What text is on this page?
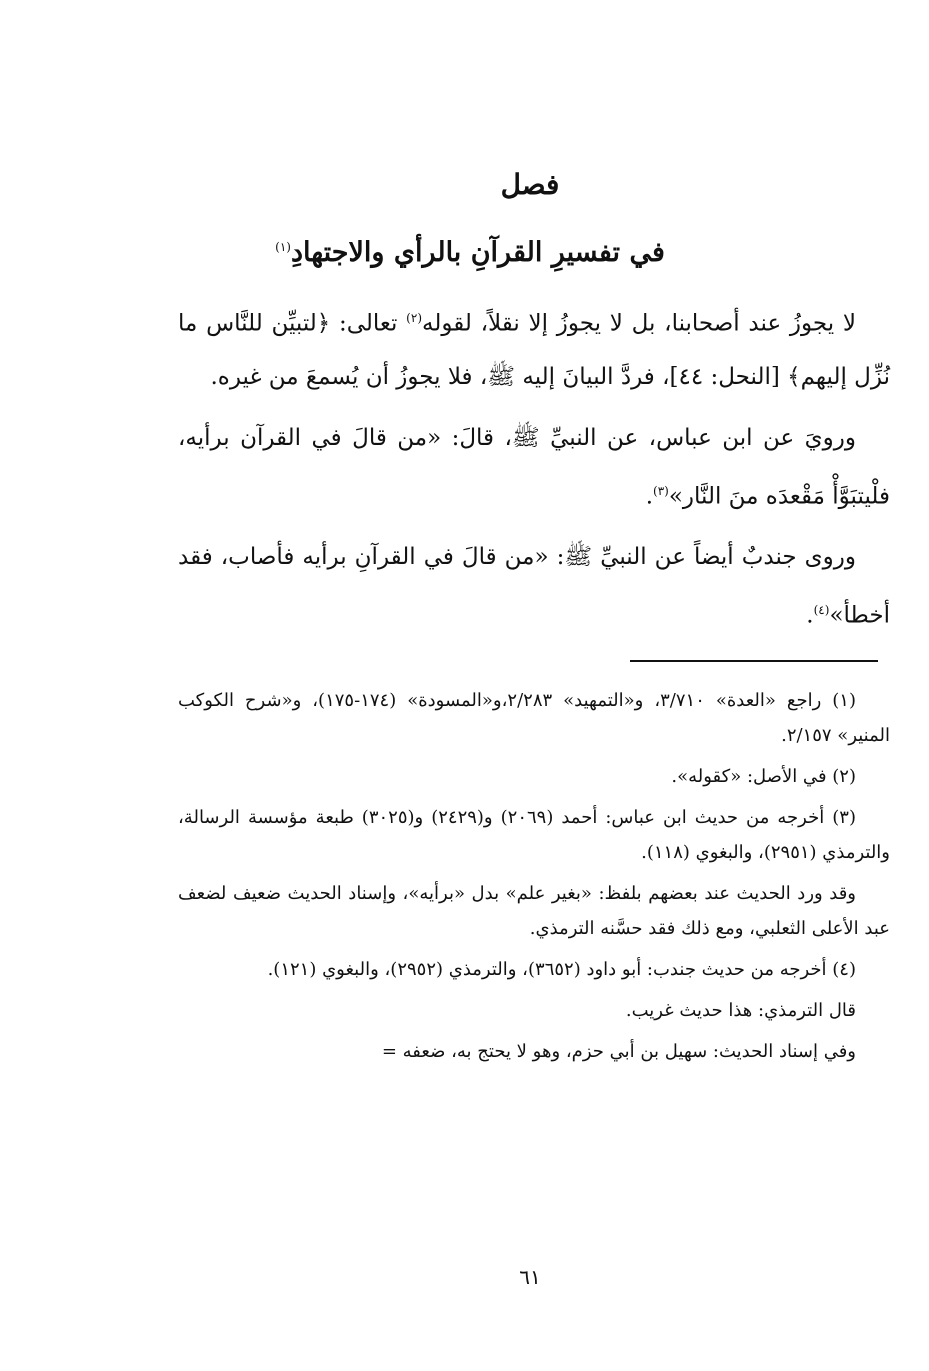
فصل
في تفسيرِ القرآنِ بالرأي والاجتهادِ$^{(١)}$

لا يجوزُ عند أصحابنا، بل لا يجوزُ إلا نقلاً، لقوله$^{(٢)}$ تعالى: ﴿لتبيِّن للنَّاس ما نُزِّل إليهم﴾ [النحل: ٤٤]، فردَّ البيانَ إليه ﷺ، فلا يجوزُ أن يُسمعَ من غيره.

ورويَ عن ابن عباس، عن النبيِّ ﷺ، قالَ: «من قالَ في القرآن برأيه، فلْيتبَوَّأْ مَقْعدَه منَ النَّار»$^{(٣)}$.

وروى جندبٌ أيضاً عن النبيِّ ﷺ: «من قالَ في القرآنِ برأيه فأصاب، فقد أخطأ»$^{(٤)}$.

(١) راجع «العدة» ٣/٧١٠، و«التمهيد» ٢/٢٨٣،و«المسودة» (١٧٤-١٧٥)، و«شرح الكوكب المنير» ٢/١٥٧.

(٢) في الأصل: «كقوله».

(٣) أخرجه من حديث ابن عباس: أحمد (٢٠٦٩) و(٢٤٢٩) و(٣٠٢٥) طبعة مؤسسة الرسالة، والترمذي (٢٩٥١)، والبغوي (١١٨).

وقد ورد الحديث عند بعضهم بلفظ: «بغير علم» بدل «برأيه»، وإسناد الحديث ضعيف لضعف عبد الأعلى الثعلبي، ومع ذلك فقد حسَّنه الترمذي.

(٤) أخرجه من حديث جندب: أبو داود (٣٦٥٢)، والترمذي (٢٩٥٢)، والبغوي (١٢١).

قال الترمذي: هذا حديث غريب.

وفي إسناد الحديث: سهيل بن أبي حزم، وهو لا يحتج به، ضعفه =

٦١
